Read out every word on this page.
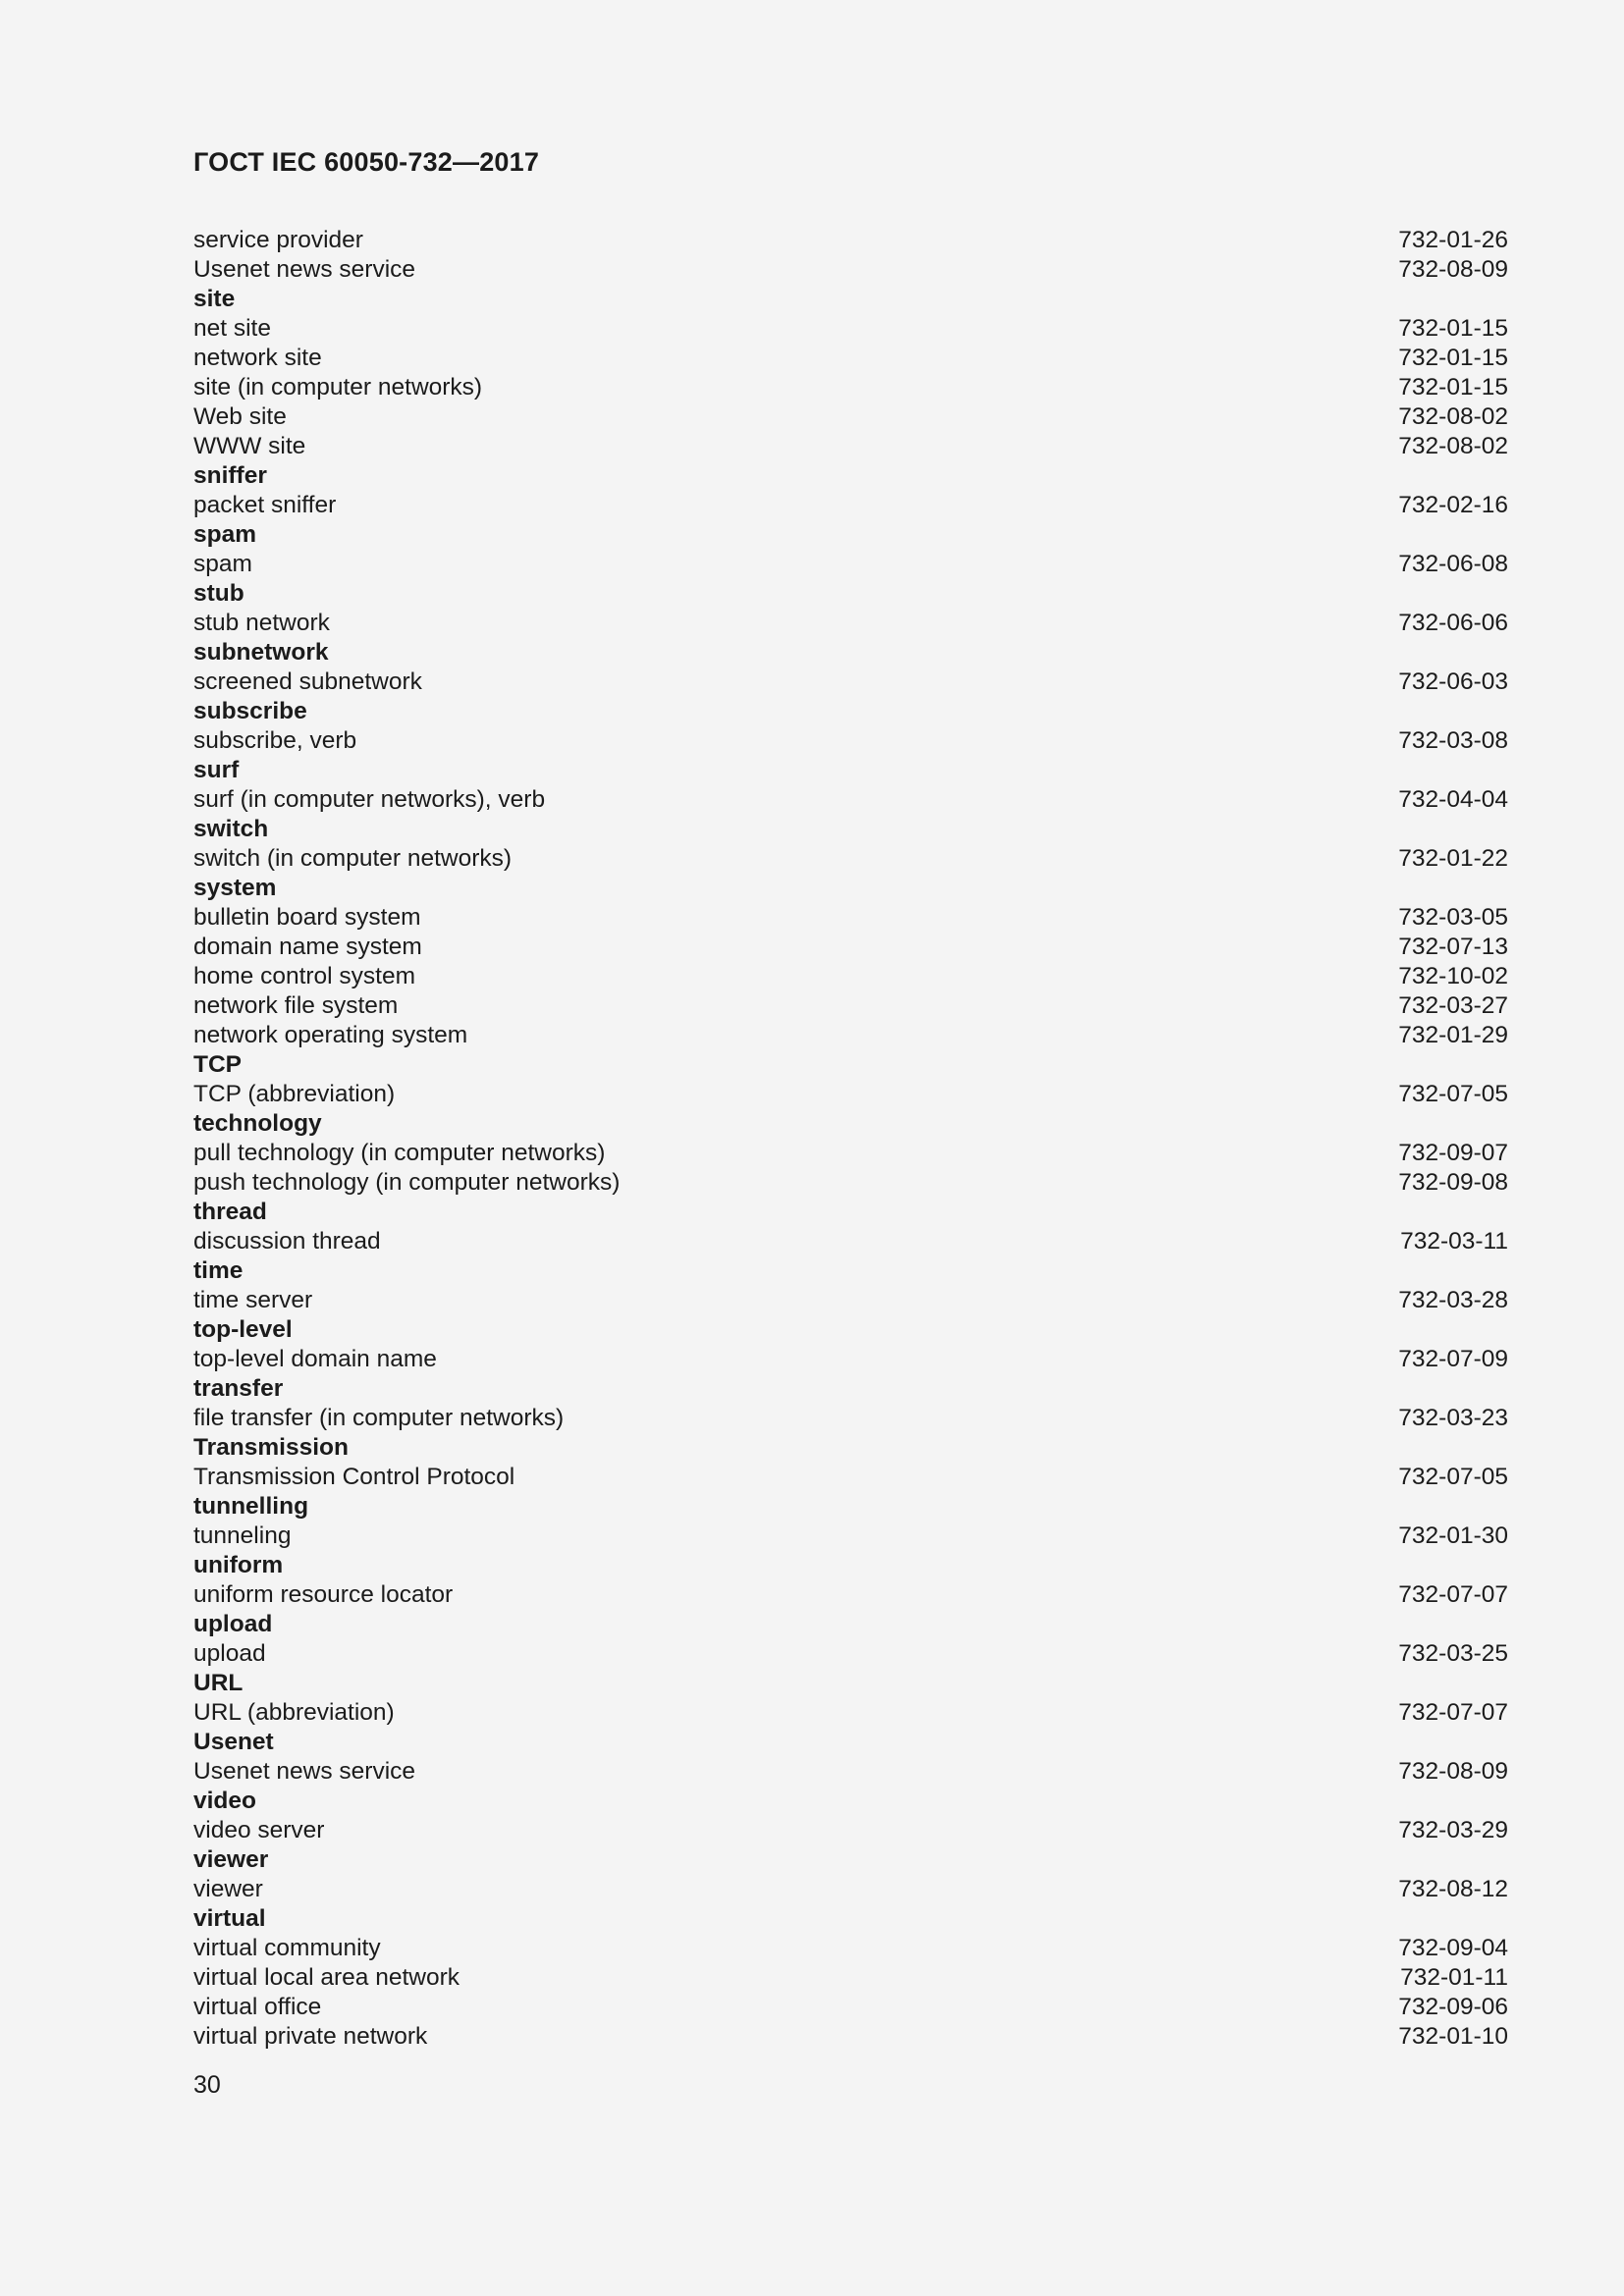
ГОСТ IEC 60050-732—2017
service provider	732-01-26
Usenet news service	732-08-09
site
net site	732-01-15
network site	732-01-15
site (in computer networks)	732-01-15
Web site	732-08-02
WWW site	732-08-02
sniffer
packet sniffer	732-02-16
spam
spam	732-06-08
stub
stub network	732-06-06
subnetwork
screened subnetwork	732-06-03
subscribe
subscribe, verb	732-03-08
surf
surf (in computer networks), verb	732-04-04
switch
switch (in computer networks)	732-01-22
system
bulletin board system	732-03-05
domain name system	732-07-13
home control system	732-10-02
network file system	732-03-27
network operating system	732-01-29
TCP
TCP (abbreviation)	732-07-05
technology
pull technology (in computer networks)	732-09-07
push technology (in computer networks)	732-09-08
thread
discussion thread	732-03-11
time
time server	732-03-28
top-level
top-level domain name	732-07-09
transfer
file transfer (in computer networks)	732-03-23
Transmission
Transmission Control Protocol	732-07-05
tunnelling
tunneling	732-01-30
uniform
uniform resource locator	732-07-07
upload
upload	732-03-25
URL
URL (abbreviation)	732-07-07
Usenet
Usenet news service	732-08-09
video
video server	732-03-29
viewer
viewer	732-08-12
virtual
virtual community	732-09-04
virtual local area network	732-01-11
virtual office	732-09-06
virtual private network	732-01-10
30
